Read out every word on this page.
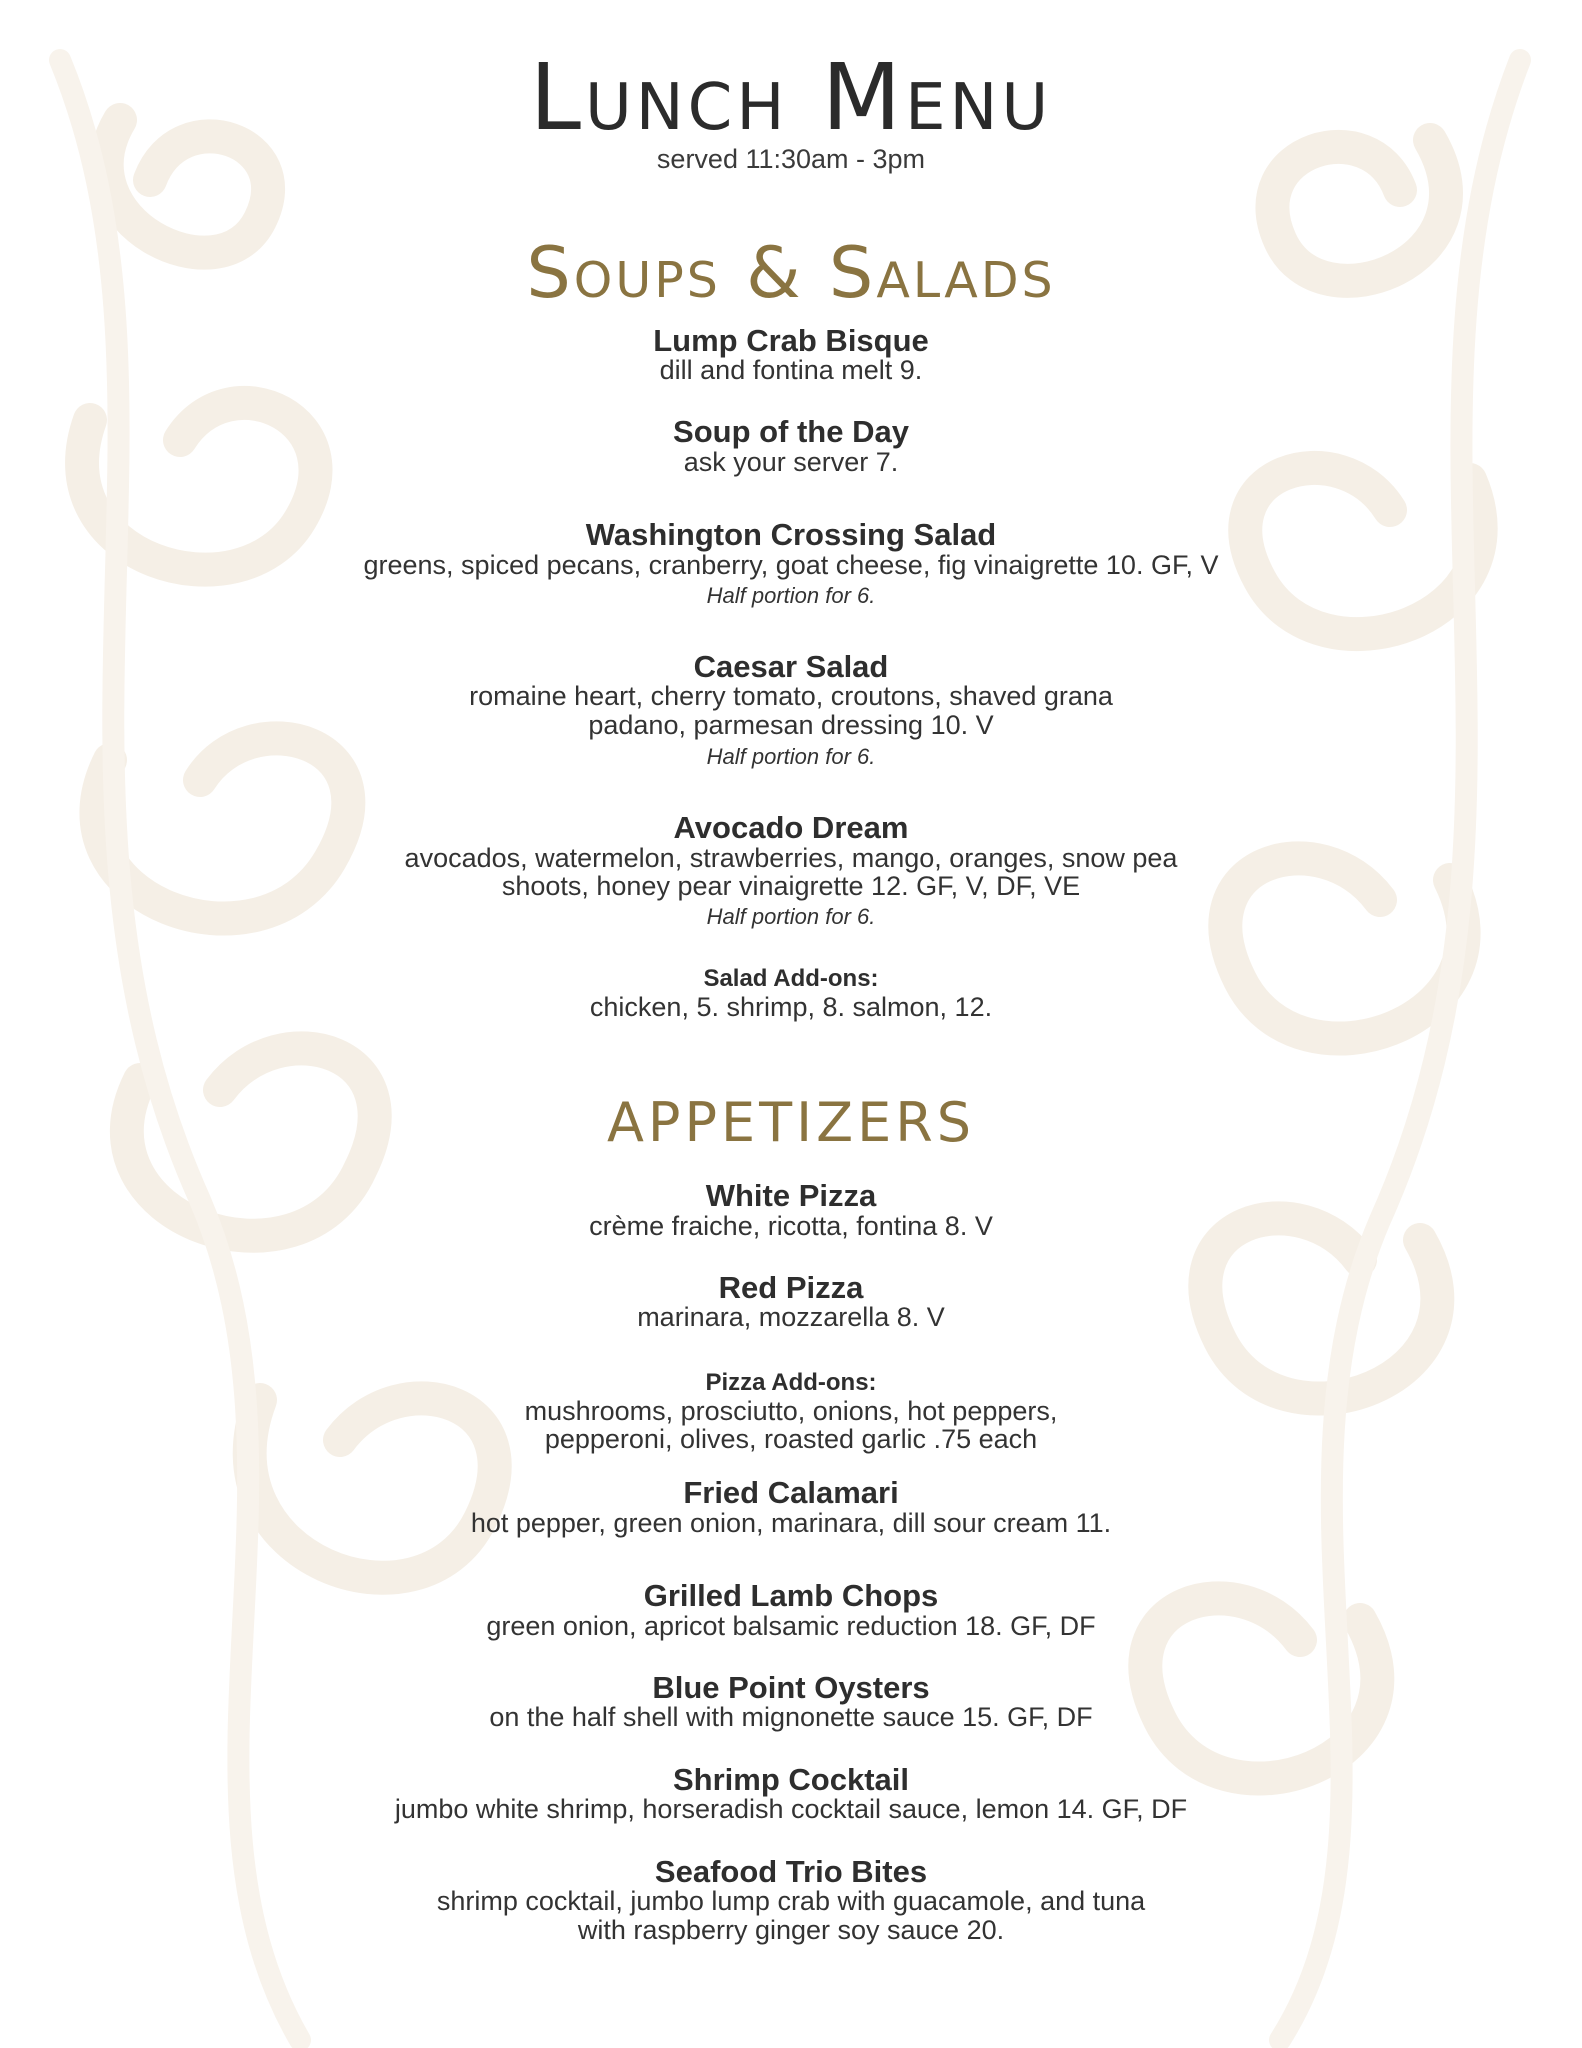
Lunch Menu
served 11:30am - 3pm
Soups & Salads
Lump Crab Bisque
dill and fontina melt 9.
Soup of the Day
ask your server 7.
Washington Crossing Salad
greens, spiced pecans, cranberry, goat cheese, fig vinaigrette 10. GF, V
Half portion for 6.
Caesar Salad
romaine heart, cherry tomato, croutons, shaved grana
padano, parmesan dressing 10. V
Half portion for 6.
Avocado Dream
avocados, watermelon, strawberries, mango, oranges, snow pea
shoots, honey pear vinaigrette 12. GF, V, DF, VE
Half portion for 6.
Salad Add-ons:
chicken, 5. shrimp, 8. salmon, 12.
APPETIZERS
White Pizza
crème fraiche, ricotta, fontina 8. V
Red Pizza
marinara, mozzarella 8. V
Pizza Add-ons:
mushrooms, prosciutto, onions, hot peppers,
pepperoni, olives, roasted garlic .75 each
Fried Calamari
hot pepper, green onion, marinara, dill sour cream 11.
Grilled Lamb Chops
green onion, apricot balsamic reduction 18. GF, DF
Blue Point Oysters
on the half shell with mignonette sauce 15. GF, DF
Shrimp Cocktail
jumbo white shrimp, horseradish cocktail sauce, lemon 14. GF, DF
Seafood Trio Bites
shrimp cocktail, jumbo lump crab with guacamole, and tuna
with raspberry ginger soy sauce 20.
